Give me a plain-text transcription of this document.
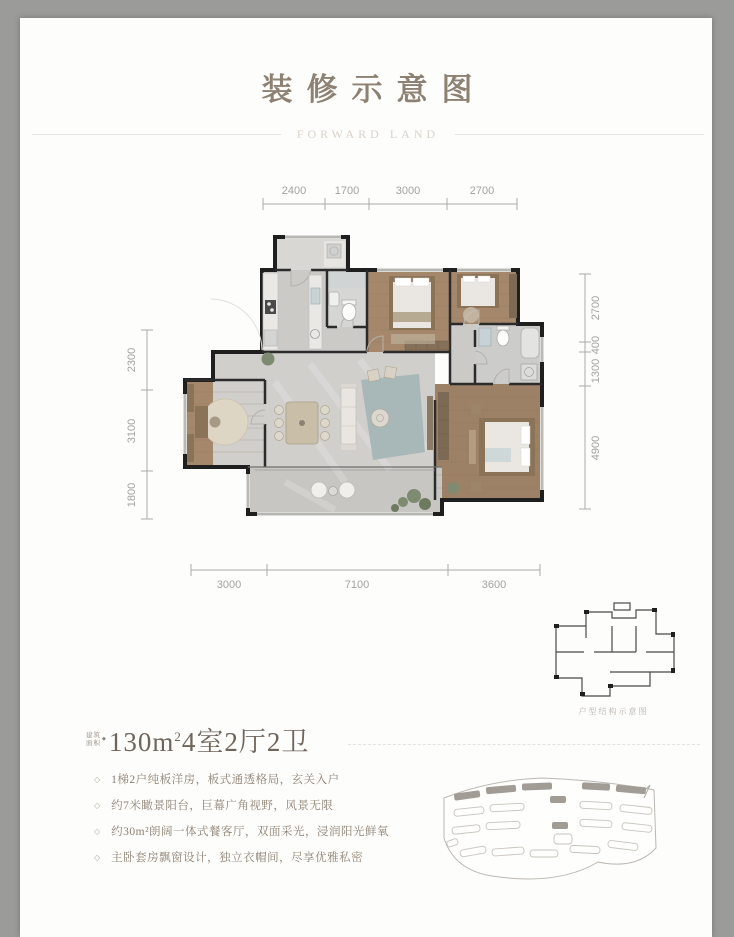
装修示意图
FORWARD LAND
2400	1700	3000	2700
2300
3100
1800
2700
400
1300
4900
3000	7100	3600
户型结构示意图
建筑
面积 ◆ $130m^24$室2厅2卫
◇ 1梯2户纯板洋房，板式通透格局，玄关入户
◇ 约7米瞰景阳台，巨幕广角视野，风景无限
◇ 约30m²朗阔一体式餐客厅，双面采光，浸润阳光鲜氧
◇ 主卧套房飘窗设计，独立衣帽间，尽享优雅私密
